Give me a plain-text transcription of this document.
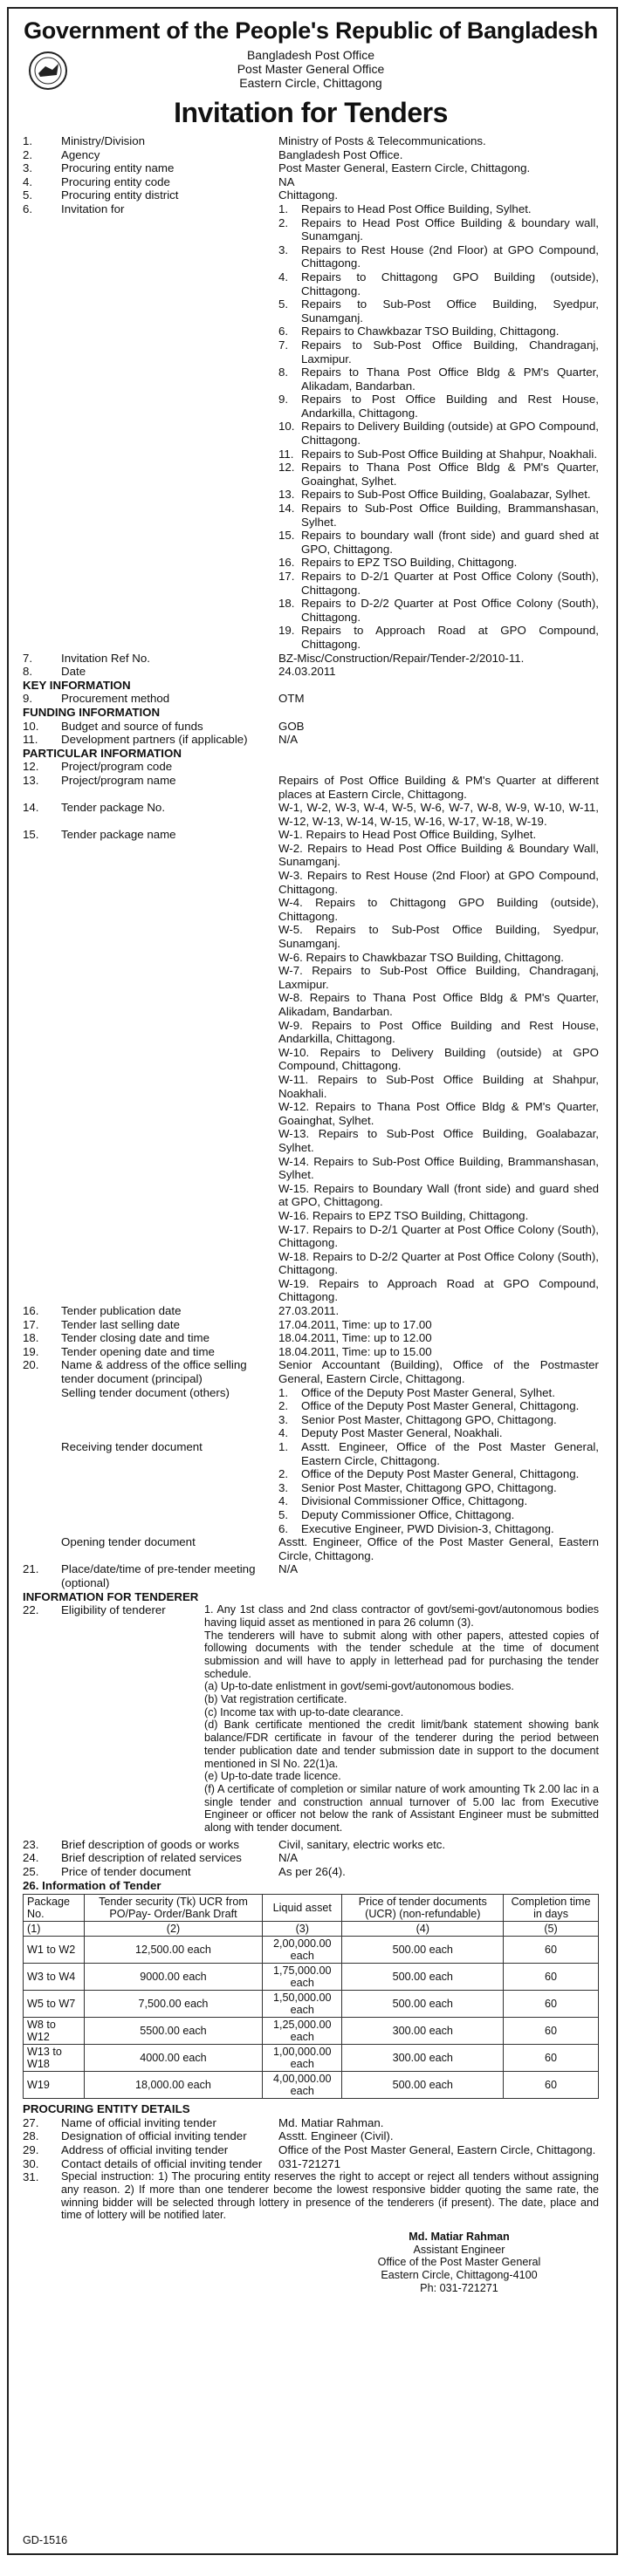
Government of the People's Republic of Bangladesh
Bangladesh Post Office
Post Master General Office
Eastern Circle, Chittagong
Invitation for Tenders
1.	Ministry/Division	Ministry of Posts & Telecommunications.
2.	Agency	Bangladesh Post Office.
3.	Procuring entity name	Post Master General, Eastern Circle, Chittagong.
4.	Procuring entity code	NA
5.	Procuring entity district	Chittagong.
6.	Invitation for	1.	Repairs to Head Post Office Building, Sylhet.
2.	Repairs to Head Post Office Building & boundary wall, Sunamganj.
3.	Repairs to Rest House (2nd Floor) at GPO Compound, Chittagong.
4.	Repairs to Chittagong GPO Building (outside), Chittagong.
5.	Repairs to Sub-Post Office Building, Syedpur, Sunamganj.
6.	Repairs to Chawkbazar TSO Building, Chittagong.
7.	Repairs to Sub-Post Office Building, Chandraganj, Laxmipur.
8.	Repairs to Thana Post Office Bldg & PM's Quarter, Alikadam, Bandarban.
9.	Repairs to Post Office Building and Rest House, Andarkilla, Chittagong.
10. Repairs to Delivery Building (outside) at GPO Compound, Chittagong.
11. Repairs to Sub-Post Office Building at Shahpur, Noakhali.
12. Repairs to Thana Post Office Bldg & PM's Quarter, Goainghat, Sylhet.
13. Repairs to Sub-Post Office Building, Goalabazar, Sylhet.
14. Repairs to Sub-Post Office Building, Brammanshasan, Sylhet.
15. Repairs to boundary wall (front side) and guard shed at GPO, Chittagong.
16. Repairs to EPZ TSO Building, Chittagong.
17. Repairs to D-2/1 Quarter at Post Office Colony (South), Chittagong.
18. Repairs to D-2/2 Quarter at Post Office Colony (South), Chittagong.
19. Repairs to Approach Road at GPO Compound, Chittagong.
7.	Invitation Ref No.	BZ-Misc/Construction/Repair/Tender-2/2010-11.
8.	Date	24.03.2011
KEY INFORMATION
9.	Procurement method	OTM
FUNDING INFORMATION
10.	Budget and source of funds	GOB
11.	Development partners (if applicable)	N/A
PARTICULAR INFORMATION
12.	Project/program code
13.	Project/program name	Repairs of Post Office Building & PM's Quarter at different places at Eastern Circle, Chittagong.
14.	Tender package No.	W-1, W-2, W-3, W-4, W-5, W-6, W-7, W-8, W-9, W-10, W-11, W-12, W-13, W-14, W-15, W-16, W-17, W-18, W-19.
15.	Tender package name	W-1. Repairs to Head Post Office Building, Sylhet.
W-2. Repairs to Head Post Office Building & Boundary Wall, Sunamganj.
W-3. Repairs to Rest House (2nd Floor) at GPO Compound, Chittagong.
W-4. Repairs to Chittagong GPO Building (outside), Chittagong.
W-5. Repairs to Sub-Post Office Building, Syedpur, Sunamganj.
W-6. Repairs to Chawkbazar TSO Building, Chittagong.
W-7. Repairs to Sub-Post Office Building, Chandraganj, Laxmipur.
W-8. Repairs to Thana Post Office Bldg & PM's Quarter, Alikadam, Bandarban.
W-9. Repairs to Post Office Building and Rest House, Andarkilla, Chittagong.
W-10. Repairs to Delivery Building (outside) at GPO Compound, Chittagong.
W-11. Repairs to Sub-Post Office Building at Shahpur, Noakhali.
W-12. Repairs to Thana Post Office Bldg & PM's Quarter, Goainghat, Sylhet.
W-13. Repairs to Sub-Post Office Building, Goalabazar, Sylhet.
W-14. Repairs to Sub-Post Office Building, Brammanshasan, Sylhet.
W-15. Repairs to Boundary Wall (front side) and guard shed at GPO, Chittagong.
W-16. Repairs to EPZ TSO Building, Chittagong.
W-17. Repairs to D-2/1 Quarter at Post Office Colony (South), Chittagong.
W-18. Repairs to D-2/2 Quarter at Post Office Colony (South), Chittagong.
W-19. Repairs to Approach Road at GPO Compound, Chittagong.
16.	Tender publication date	27.03.2011.
17.	Tender last selling date	17.04.2011, Time: up to 17.00
18.	Tender closing date and time	18.04.2011, Time: up to 12.00
19.	Tender opening date and time	18.04.2011, Time: up to 15.00
20.	Name & address of the office selling tender document (principal)
Senior Accountant (Building), Office of the Postmaster General, Eastern Circle, Chittagong.
Selling tender document (others)	1.	Office of the Deputy Post Master General, Sylhet.
2.	Office of the Deputy Post Master General, Chittagong.
3.	Senior Post Master, Chittagong GPO, Chittagong.
4.	Deputy Post Master General, Noakhali.
Receiving tender document	1.	Asstt. Engineer, Office of the Post Master General, Eastern Circle, Chittagong.
2.	Office of the Deputy Post Master General, Chittagong.
3.	Senior Post Master, Chittagong GPO, Chittagong.
4.	Divisional Commissioner Office, Chittagong.
5.	Deputy Commissioner Office, Chittagong.
6.	Executive Engineer, PWD Division-3, Chittagong.
Opening tender document	Asstt. Engineer, Office of the Post Master General, Eastern Circle, Chittagong.
21.	Place/date/time of pre-tender meeting (optional)
N/A
INFORMATION FOR TENDERER
22.	Eligibility of tenderer	1. Any 1st class and 2nd class contractor of govt/semi-govt/autonomous bodies having liquid asset as mentioned in para 26 column (3).
The tenderers will have to submit along with other papers, attested copies of following documents with the tender schedule at the time of document submission and will have to apply in letterhead pad for purchasing the tender schedule.
(a) Up-to-date enlistment in govt/semi-govt/autonomous bodies.
(b) Vat registration certificate.
(c) Income tax with up-to-date clearance.
(d) Bank certificate mentioned the credit limit/bank statement showing bank balance/FDR certificate in favour of the tenderer during the period between tender publication date and tender submission date in support to the document mentioned in Sl No. 22(1)a.
(e) Up-to-date trade licence.
(f) A certificate of completion or similar nature of work amounting Tk 2.00 lac in a single tender and construction annual turnover of 5.00 lac from Executive Engineer or officer not below the rank of Assistant Engineer must be submitted along with tender document.
23.	Brief description of goods or works	Civil, sanitary, electric works etc.
24.	Brief description of related services	N/A
25.	Price of tender document	As per 26(4).
26. Information of Tender
Package No.	Tender security (Tk) UCR from PO/Pay- Order/Bank Draft	Liquid asset	Price of tender documents (UCR) (non-refundable)	Completion time in days
(1)	(2)	(3)	(4)	(5)
W1 to W2	12,500.00 each	2,00,000.00 each	500.00 each	60
W3 to W4	9000.00 each	1,75,000.00 each	500.00 each	60
W5 to W7	7,500.00 each	1,50,000.00 each	500.00 each	60
W8 to W12	5500.00 each	1,25,000.00 each	300.00 each	60
W13 to W18	4000.00 each	1,00,000.00 each	300.00 each	60
W19	18,000.00 each	4,00,000.00 each	500.00 each	60
PROCURING ENTITY DETAILS
27.	Name of official inviting tender	Md. Matiar Rahman.
28.	Designation of official inviting tender	Asstt. Engineer (Civil).
29.	Address of official inviting tender	Office of the Post Master General, Eastern Circle, Chittagong.
30.	Contact details of official inviting tender	031-721271
31.	Special instruction: 1) The procuring entity reserves the right to accept or reject all tenders without assigning any reason. 2) If more than one tenderer become the lowest responsive bidder quoting the same rate, the winning bidder will be selected through lottery in presence of the tenderers (if present). The date, place and time of lottery will be notified later.
Md. Matiar Rahman
Assistant Engineer
Office of the Post Master General
Eastern Circle, Chittagong-4100
Ph: 031-721271
GD-1516
